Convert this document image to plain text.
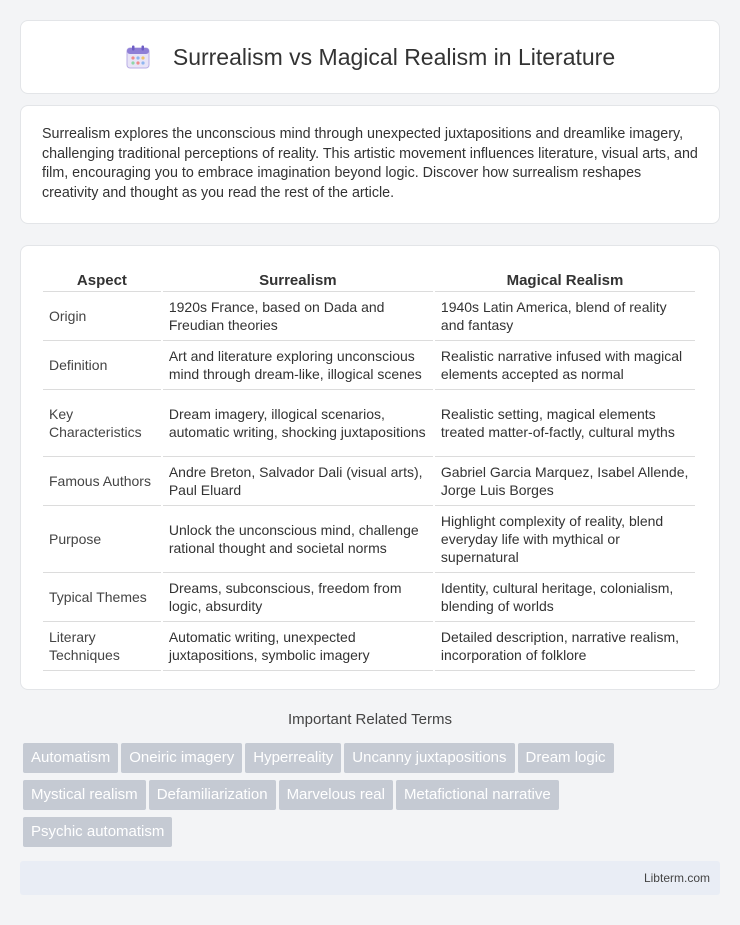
Surrealism vs Magical Realism in Literature

Surrealism explores the unconscious mind through unexpected juxtapositions and dreamlike imagery, challenging traditional perceptions of reality. This artistic movement influences literature, visual arts, and film, encouraging you to embrace imagination beyond logic. Discover how surrealism reshapes creativity and thought as you read the rest of the article.

Aspect	Surrealism	Magical Realism
Origin	1920s France, based on Dada and Freudian theories	1940s Latin America, blend of reality and fantasy
Definition	Art and literature exploring unconscious mind through dream-like, illogical scenes	Realistic narrative infused with magical elements accepted as normal
Key Characteristics	Dream imagery, illogical scenarios, automatic writing, shocking juxtapositions	Realistic setting, magical elements treated matter-of-factly, cultural myths
Famous Authors	Andre Breton, Salvador Dali (visual arts), Paul Eluard	Gabriel Garcia Marquez, Isabel Allende, Jorge Luis Borges
Purpose	Unlock the unconscious mind, challenge rational thought and societal norms	Highlight complexity of reality, blend everyday life with mythical or supernatural
Typical Themes	Dreams, subconscious, freedom from logic, absurdity	Identity, cultural heritage, colonialism, blending of worlds
Literary Techniques	Automatic writing, unexpected juxtapositions, symbolic imagery	Detailed description, narrative realism, incorporation of folklore
Important Related Terms
Automatism Oneiric imagery Hyperreality Uncanny juxtapositions Dream logic
Mystical realism Defamiliarization Marvelous real Metafictional narrative
Psychic automatism
Libterm.com
